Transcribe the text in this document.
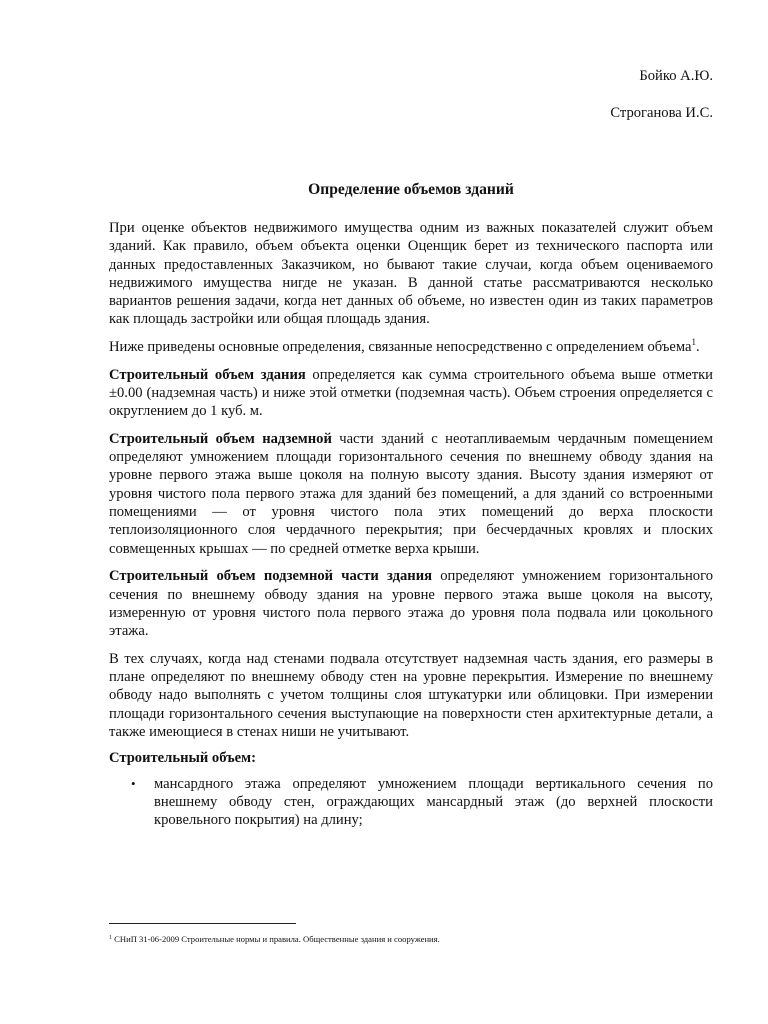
Бойко А.Ю.
Строганова И.С.
Определение объемов зданий

При оценке объектов недвижимого имущества одним из важных показателей служит объем зданий. Как правило, объем объекта оценки Оценщик берет из технического паспорта или данных предоставленных Заказчиком, но бывают такие случаи, когда объем оцениваемого недвижимого имущества нигде не указан. В данной статье рассматриваются несколько вариантов решения задачи, когда нет данных об объеме, но известен один из таких параметров как площадь застройки или общая площадь здания.

Ниже приведены основные определения, связанные непосредственно с определением объема$^1$.

Строительный объем здания определяется как сумма строительного объема выше отметки ±0.00 (надземная часть) и ниже этой отметки (подземная часть). Объем строения определяется с округлением до 1 куб. м.

Строительный объем надземной части зданий с неотапливаемым чердачным помещением определяют умножением площади горизонтального сечения по внешнему обводу здания на уровне первого этажа выше цоколя на полную высоту здания. Высоту здания измеряют от уровня чистого пола первого этажа для зданий без помещений, а для зданий со встроенными помещениями — от уровня чистого пола этих помещений до верха плоскости теплоизоляционного слоя чердачного перекрытия; при бесчердачных кровлях и плоских совмещенных крышах — по средней отметке верха крыши.

Строительный объем подземной части здания определяют умножением горизонтального сечения по внешнему обводу здания на уровне первого этажа выше цоколя на высоту, измеренную от уровня чистого пола первого этажа до уровня пола подвала или цокольного этажа.

В тех случаях, когда над стенами подвала отсутствует надземная часть здания, его размеры в плане определяют по внешнему обводу стен на уровне перекрытия. Измерение по внешнему обводу надо выполнять с учетом толщины слоя штукатурки или облицовки. При измерении площади горизонтального сечения выступающие на поверхности стен архитектурные детали, а также имеющиеся в стенах ниши не учитывают.

Строительный объем:

• мансардного этажа определяют умножением площади вертикального сечения по внешнему обводу стен, ограждающих мансардный этаж (до верхней плоскости кровельного покрытия) на длину;
$^1$ СНиП 31-06-2009 Строительные нормы и правила. Общественные здания и сооружения.
